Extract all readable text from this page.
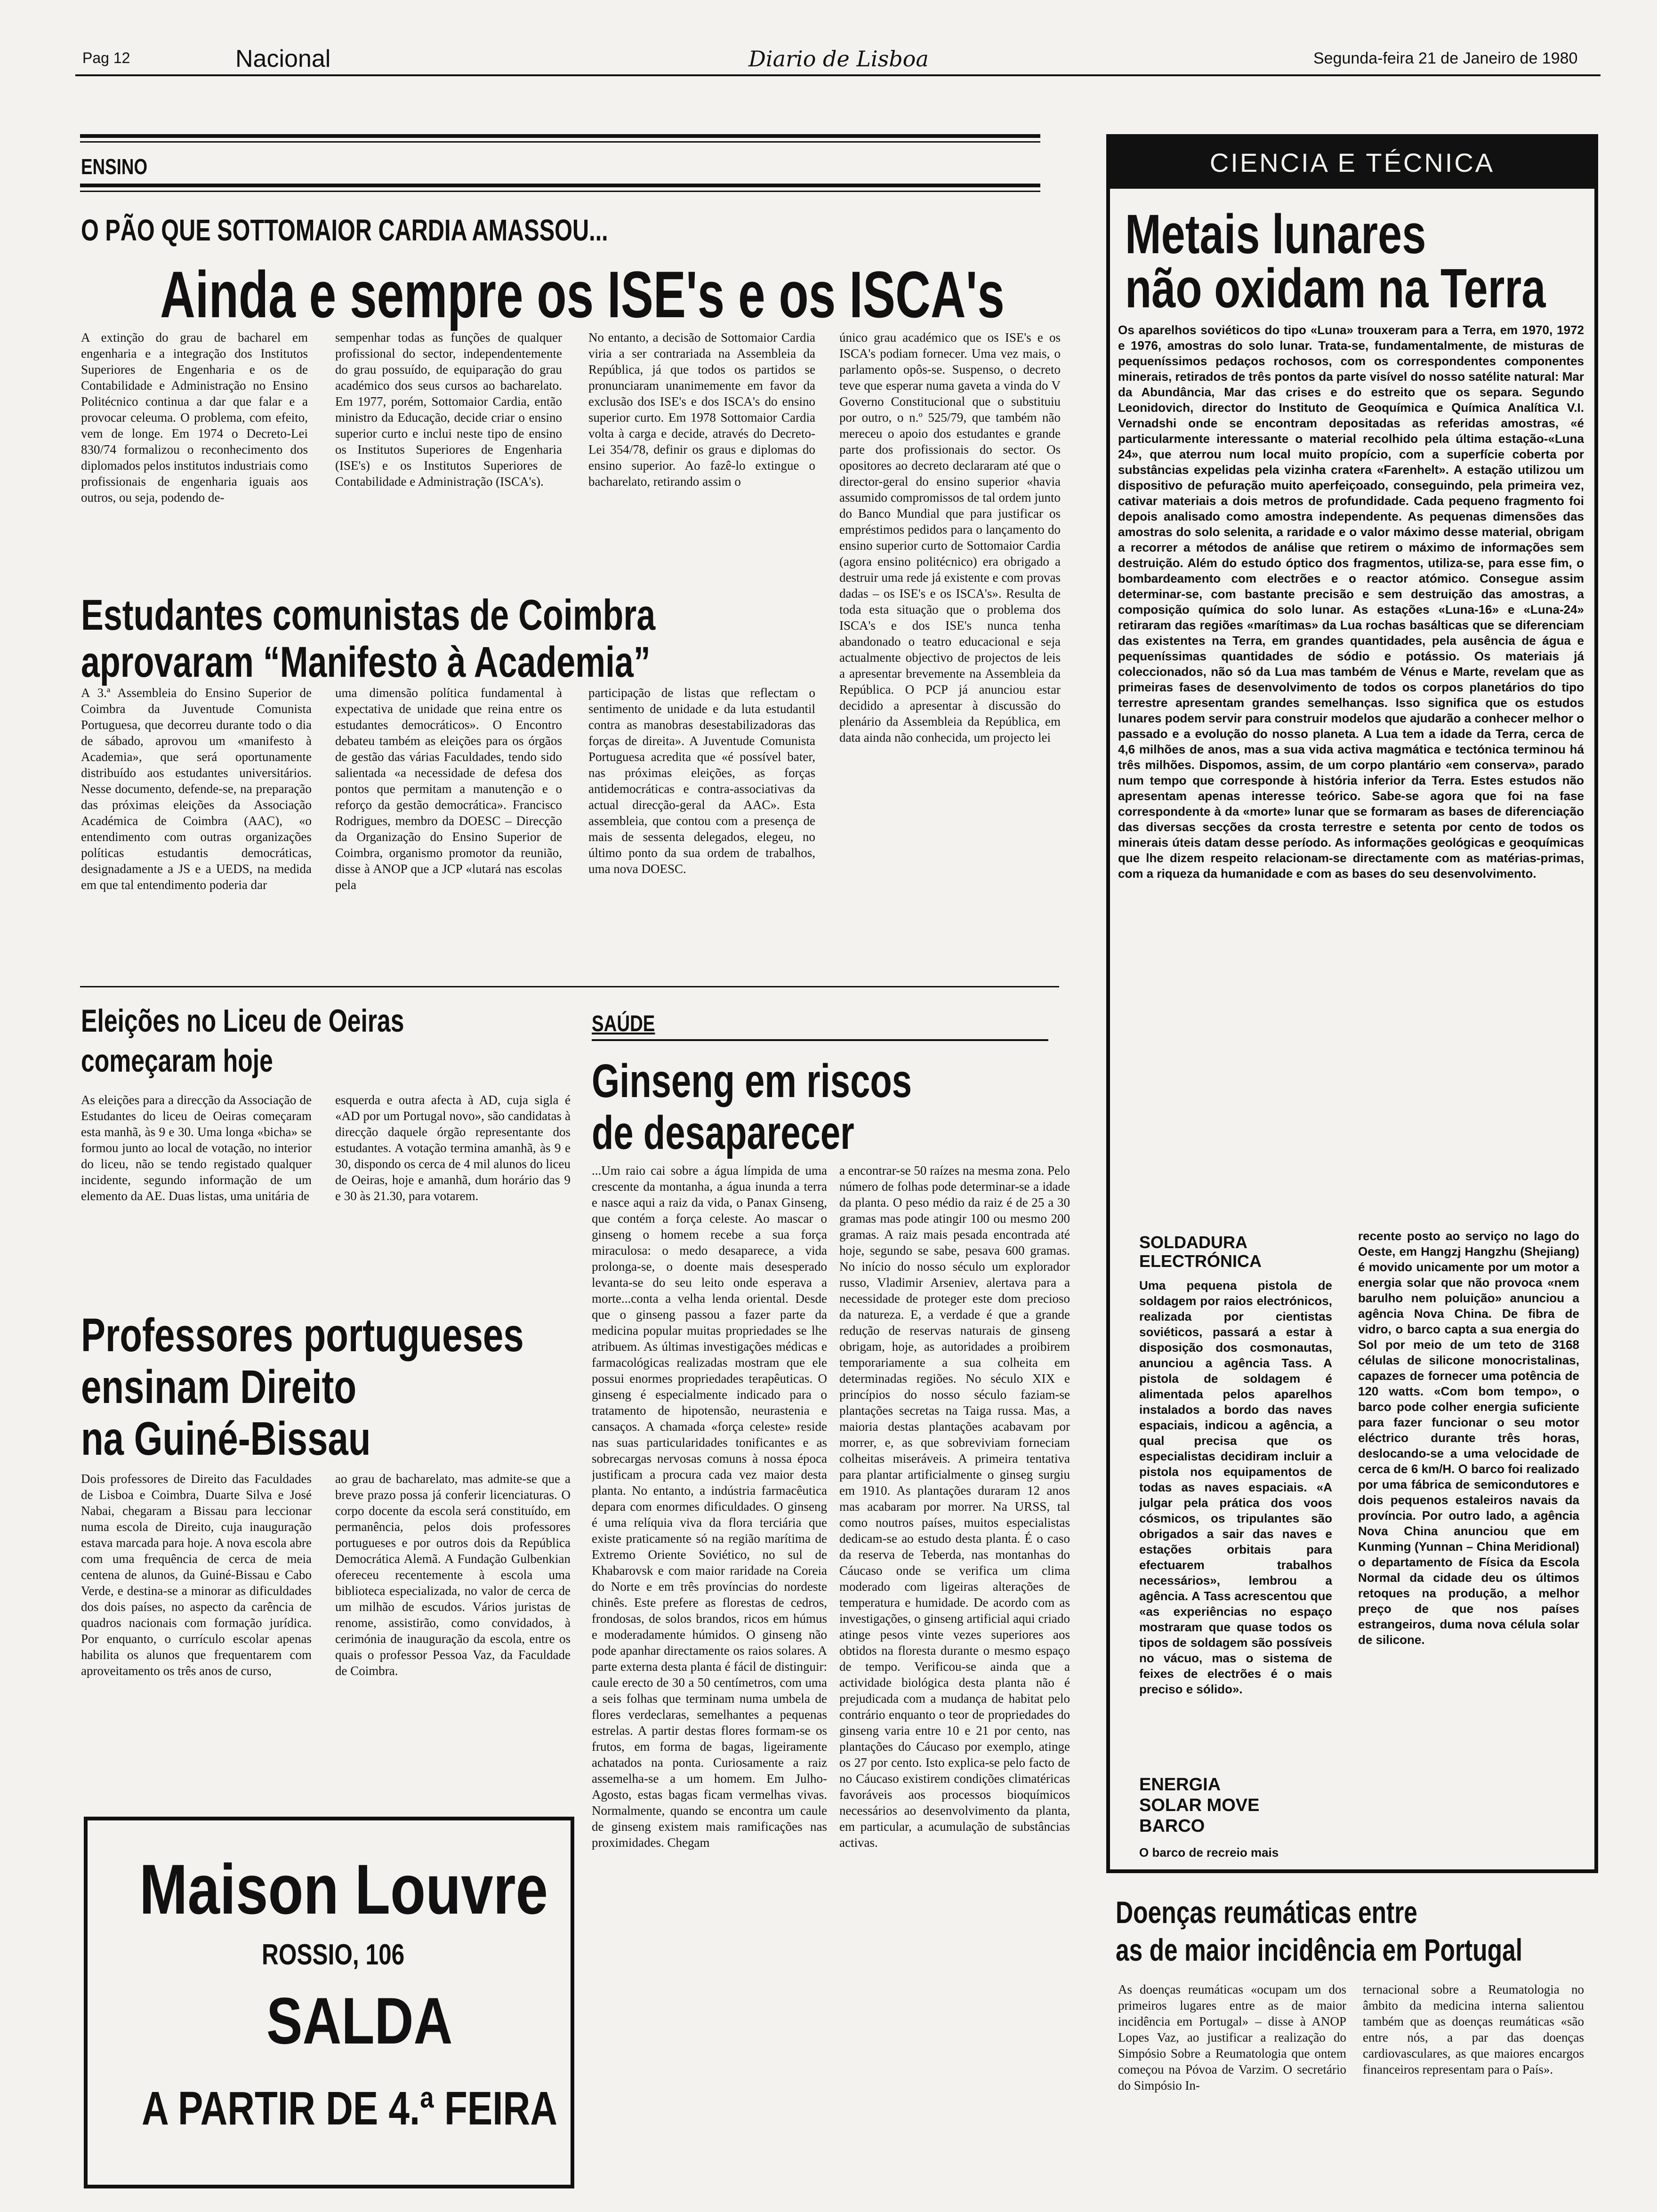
Pag 12	Nacional	Diario de Lisboa	Segunda-feira 21 de Janeiro de 1980
ENSINO
O PÃO QUE SOTTOMAIOR CARDIA AMASSOU...
Ainda e sempre os ISE's e os ISCA's
A extinção do grau de bacharel em engenharia e a integração dos Institutos Superiores de Engenharia e os de Contabilidade e Administração no Ensino Politécnico continua a dar que falar e a provocar celeuma. O problema, com efeito, vem de longe. Em 1974 o Decreto-Lei 830/74 formalizou o reconhecimento dos diplomados pelos institutos industriais como profissionais de engenharia iguais aos outros, ou seja, podendo de-
sempenhar todas as funções de qualquer profissional do sector, independentemente do grau possuído, de equiparação do grau académico dos seus cursos ao bacharelato. Em 1977, porém, Sottomaior Cardia, então ministro da Educação, decide criar o ensino superior curto e inclui neste tipo de ensino os Institutos Superiores de Engenharia (ISE's) e os Institutos Superiores de Contabilidade e Administração (ISCA's).
No entanto, a decisão de Sottomaior Cardia viria a ser contrariada na Assembleia da República, já que todos os partidos se pronunciaram unanimemente em favor da exclusão dos ISE's e dos ISCA's do ensino superior curto. Em 1978 Sottomaior Cardia volta à carga e decide, através do Decreto-Lei 354/78, definir os graus e diplomas do ensino superior. Ao fazê-lo extingue o bacharelato, retirando assim o
único grau académico que os ISE's e os ISCA's podiam fornecer. Uma vez mais, o parlamento opôs-se. Suspenso, o decreto teve que esperar numa gaveta a vinda do V Governo Constitucional que o substituiu por outro, o n.º 525/79, que também não mereceu o apoio dos estudantes e grande parte dos profissionais do sector. Os opositores ao decreto declararam até que o director-geral do ensino superior «havia assumido compromissos de tal ordem junto do Banco Mundial que para justificar os empréstimos pedidos para o lançamento do ensino superior curto de Sottomaior Cardia (agora ensino politécnico) era obrigado a destruir uma rede já existente e com provas dadas – os ISE's e os ISCA's». Resulta de toda esta situação que o problema dos ISCA's e dos ISE's nunca tenha abandonado o teatro educacional e seja actualmente objectivo de projectos de leis a apresentar brevemente na Assembleia da República. O PCP já anunciou estar decidido a apresentar à discussão do plenário da Assembleia da República, em data ainda não conhecida, um projecto lei
Estudantes comunistas de Coimbra
aprovaram “Manifesto à Academia”
A 3.ª Assembleia do Ensino Superior de Coimbra da Juventude Comunista Portuguesa, que decorreu durante todo o dia de sábado, aprovou um «manifesto à Academia», que será oportunamente distribuído aos estudantes universitários. Nesse documento, defende-se, na preparação das próximas eleições da Associação Académica de Coimbra (AAC), «o entendimento com outras organizações políticas estudantis democráticas, designadamente a JS e a UEDS, na medida em que tal entendimento poderia dar
uma dimensão política fundamental à expectativa de unidade que reina entre os estudantes democráticos». O Encontro debateu também as eleições para os órgãos de gestão das várias Faculdades, tendo sido salientada «a necessidade de defesa dos pontos que permitam a manutenção e o reforço da gestão democrática». Francisco Rodrigues, membro da DOESC – Direcção da Organização do Ensino Superior de Coimbra, organismo promotor da reunião, disse à ANOP que a JCP «lutará nas escolas pela
participação de listas que reflectam o sentimento de unidade e da luta estudantil contra as manobras desestabilizadoras das forças de direita». A Juventude Comunista Portuguesa acredita que «é possível bater, nas próximas eleições, as forças antidemocráticas e contra-associativas da actual direcção-geral da AAC». Esta assembleia, que contou com a presença de mais de sessenta delegados, elegeu, no último ponto da sua ordem de trabalhos, uma nova DOESC.
Eleições no Liceu de Oeiras
começaram hoje
As eleições para a direcção da Associação de Estudantes do liceu de Oeiras começaram esta manhã, às 9 e 30. Uma longa «bicha» se formou junto ao local de votação, no interior do liceu, não se tendo registado qualquer incidente, segundo informação de um elemento da AE. Duas listas, uma unitária de
esquerda e outra afecta à AD, cuja sigla é «AD por um Portugal novo», são candidatas à direcção daquele órgão representante dos estudantes. A votação termina amanhã, às 9 e 30, dispondo os cerca de 4 mil alunos do liceu de Oeiras, hoje e amanhã, dum horário das 9 e 30 às 21.30, para votarem.
Professores portugueses
ensinam Direito
na Guiné-Bissau
Dois professores de Direito das Faculdades de Lisboa e Coimbra, Duarte Silva e José Nabai, chegaram a Bissau para leccionar numa escola de Direito, cuja inauguração estava marcada para hoje. A nova escola abre com uma frequência de cerca de meia centena de alunos, da Guiné-Bissau e Cabo Verde, e destina-se a minorar as dificuldades dos dois países, no aspecto da carência de quadros nacionais com formação jurídica. Por enquanto, o currículo escolar apenas habilita os alunos que frequentarem com aproveitamento os três anos de curso,
ao grau de bacharelato, mas admite-se que a breve prazo possa já conferir licenciaturas. O corpo docente da escola será constituído, em permanência, pelos dois professores portugueses e por outros dois da República Democrática Alemã. A Fundação Gulbenkian ofereceu recentemente à escola uma biblioteca especializada, no valor de cerca de um milhão de escudos. Vários juristas de renome, assistirão, como convidados, à cerimónia de inauguração da escola, entre os quais o professor Pessoa Vaz, da Faculdade de Coimbra.
Maison Louvre
ROSSIO, 106
SALDA
A PARTIR DE 4.ª FEIRA
SAÚDE
Ginseng em riscos
de desaparecer
...Um raio cai sobre a água límpida de uma crescente da montanha, a água inunda a terra e nasce aqui a raiz da vida, o Panax Ginseng, que contém a força celeste. Ao mascar o ginseng o homem recebe a sua força miraculosa: o medo desaparece, a vida prolonga-se, o doente mais desesperado levanta-se do seu leito onde esperava a morte...conta a velha lenda oriental. Desde que o ginseng passou a fazer parte da medicina popular muitas propriedades se lhe atribuem. As últimas investigações médicas e farmacológicas realizadas mostram que ele possui enormes propriedades terapêuticas. O ginseng é especialmente indicado para o tratamento de hipotensão, neurastenia e cansaços. A chamada «força celeste» reside nas suas particularidades tonificantes e as sobrecargas nervosas comuns à nossa época justificam a procura cada vez maior desta planta. No entanto, a indústria farmacêutica depara com enormes dificuldades. O ginseng é uma relíquia viva da flora terciária que existe praticamente só na região marítima de Extremo Oriente Soviético, no sul de Khabarovsk e com maior raridade na Coreia do Norte e em três províncias do nordeste chinês. Este prefere as florestas de cedros, frondosas, de solos brandos, ricos em húmus e moderadamente húmidos. O ginseng não pode apanhar directamente os raios solares. A parte externa desta planta é fácil de distinguir: caule erecto de 30 a 50 centímetros, com uma a seis folhas que terminam numa umbela de flores verdeclaras, semelhantes a pequenas estrelas. A partir destas flores formam-se os frutos, em forma de bagas, ligeiramente achatados na ponta. Curiosamente a raiz assemelha-se a um homem. Em Julho-Agosto, estas bagas ficam vermelhas vivas. Normalmente, quando se encontra um caule de ginseng existem mais ramificações nas proximidades. Chegam
a encontrar-se 50 raízes na mesma zona. Pelo número de folhas pode determinar-se a idade da planta. O peso médio da raiz é de 25 a 30 gramas mas pode atingir 100 ou mesmo 200 gramas. A raiz mais pesada encontrada até hoje, segundo se sabe, pesava 600 gramas. No início do nosso século um explorador russo, Vladimir Arseniev, alertava para a necessidade de proteger este dom precioso da natureza. E, a verdade é que a grande redução de reservas naturais de ginseng obrigam, hoje, as autoridades a proibirem temporariamente a sua colheita em determinadas regiões. No século XIX e princípios do nosso século faziam-se plantações secretas na Taiga russa. Mas, a maioria destas plantações acabavam por morrer, e, as que sobreviviam forneciam colheitas miseráveis. A primeira tentativa para plantar artificialmente o ginseg surgiu em 1910. As plantações duraram 12 anos mas acabaram por morrer. Na URSS, tal como noutros países, muitos especialistas dedicam-se ao estudo desta planta. É o caso da reserva de Teberda, nas montanhas do Cáucaso onde se verifica um clima moderado com ligeiras alterações de temperatura e humidade. De acordo com as investigações, o ginseng artificial aqui criado atinge pesos vinte vezes superiores aos obtidos na floresta durante o mesmo espaço de tempo. Verificou-se ainda que a actividade biológica desta planta não é prejudicada com a mudança de habitat pelo contrário enquanto o teor de propriedades do ginseng varia entre 10 e 21 por cento, nas plantações do Cáucaso por exemplo, atinge os 27 por cento. Isto explica-se pelo facto de no Cáucaso existirem condições climatéricas favoráveis aos processos bioquímicos necessários ao desenvolvimento da planta, em particular, a acumulação de substâncias activas.
CIENCIA E TÉCNICA
Metais lunares
não oxidam na Terra
Os aparelhos soviéticos do tipo «Luna» trouxeram para a Terra, em 1970, 1972 e 1976, amostras do solo lunar. Trata-se, fundamentalmente, de misturas de pequeníssimos pedaços rochosos, com os correspondentes componentes minerais, retirados de três pontos da parte visível do nosso satélite natural: Mar da Abundância, Mar das crises e do estreito que os separa. Segundo Leonidovich, director do Instituto de Geoquímica e Química Analítica V.I. Vernadshi onde se encontram depositadas as referidas amostras, «é particularmente interessante o material recolhido pela última estação-«Luna 24», que aterrou num local muito propício, com a superfície coberta por substâncias expelidas pela vizinha cratera «Farenhelt». A estação utilizou um dispositivo de pefuração muito aperfeiçoado, conseguindo, pela primeira vez, cativar materiais a dois metros de profundidade. Cada pequeno fragmento foi depois analisado como amostra independente. As pequenas dimensões das amostras do solo selenita, a raridade e o valor máximo desse material, obrigam a recorrer a métodos de análise que retirem o máximo de informações sem destruição. Além do estudo óptico dos fragmentos, utiliza-se, para esse fim, o bombardeamento com electrões e o reactor atómico. Consegue assim determinar-se, com bastante precisão e sem destruição das amostras, a composição química do solo lunar. As estações «Luna-16» e «Luna-24» retiraram das regiões «marítimas» da Lua rochas basálticas que se diferenciam das existentes na Terra, em grandes quantidades, pela ausência de água e pequeníssimas quantidades de sódio e potássio. Os materiais já coleccionados, não só da Lua mas também de Vénus e Marte, revelam que as primeiras fases de desenvolvimento de todos os corpos planetários do tipo terrestre apresentam grandes semelhanças. Isso significa que os estudos lunares podem servir para construir modelos que ajudarão a conhecer melhor o passado e a evolução do nosso planeta. A Lua tem a idade da Terra, cerca de 4,6 milhões de anos, mas a sua vida activa magmática e tectónica terminou há três milhões. Dispomos, assim, de um corpo plantário «em conserva», parado num tempo que corresponde à história inferior da Terra. Estes estudos não apresentam apenas interesse teórico. Sabe-se agora que foi na fase correspondente à da «morte» lunar que se formaram as bases de diferenciação das diversas secções da crosta terrestre e setenta por cento de todos os minerais úteis datam desse período. As informações geológicas e geoquímicas que lhe dizem respeito relacionam-se directamente com as matérias-primas, com a riqueza da humanidade e com as bases do seu desenvolvimento.
SOLDADURA ELECTRÓNICA
Uma pequena pistola de soldagem por raios electrónicos, realizada por cientistas soviéticos, passará a estar à disposição dos cosmonautas, anunciou a agência Tass. A pistola de soldagem é alimentada pelos aparelhos instalados a bordo das naves espaciais, indicou a agência, a qual precisa que os especialistas decidiram incluir a pistola nos equipamentos de todas as naves espaciais. «A julgar pela prática dos voos cósmicos, os tripulantes são obrigados a sair das naves e estações orbitais para efectuarem trabalhos necessários», lembrou a agência. A Tass acrescentou que «as experiências no espaço mostraram que quase todos os tipos de soldagem são possíveis no vácuo, mas o sistema de feixes de electrões é o mais preciso e sólido».
ENERGIA SOLAR MOVE BARCO
O barco de recreio mais
recente posto ao serviço no lago do Oeste, em Hangzj Hangzhu (Shejiang) é movido unicamente por um motor a energia solar que não provoca «nem barulho nem poluição» anunciou a agência Nova China. De fibra de vidro, o barco capta a sua energia do Sol por meio de um teto de 3168 células de silicone monocristalinas, capazes de fornecer uma potência de 120 watts. «Com bom tempo», o barco pode colher energia suficiente para fazer funcionar o seu motor eléctrico durante três horas, deslocando-se a uma velocidade de cerca de 6 km/H. O barco foi realizado por uma fábrica de semicondutores e dois pequenos estaleiros navais da província. Por outro lado, a agência Nova China anunciou que em Kunming (Yunnan – China Meridional) o departamento de Física da Escola Normal da cidade deu os últimos retoques na produção, a melhor preço de que nos países estrangeiros, duma nova célula solar de silicone.
Doenças reumáticas entre
as de maior incidência em Portugal
As doenças reumáticas «ocupam um dos primeiros lugares entre as de maior incidência em Portugal» – disse à ANOP Lopes Vaz, ao justificar a realização do Simpósio Sobre a Reumatologia que ontem começou na Póvoa de Varzim. O secretário do Simpósio In-
ternacional sobre a Reumatologia no âmbito da medicina interna salientou também que as doenças reumáticas «são entre nós, a par das doenças cardiovasculares, as que maiores encargos financeiros representam para o País».
